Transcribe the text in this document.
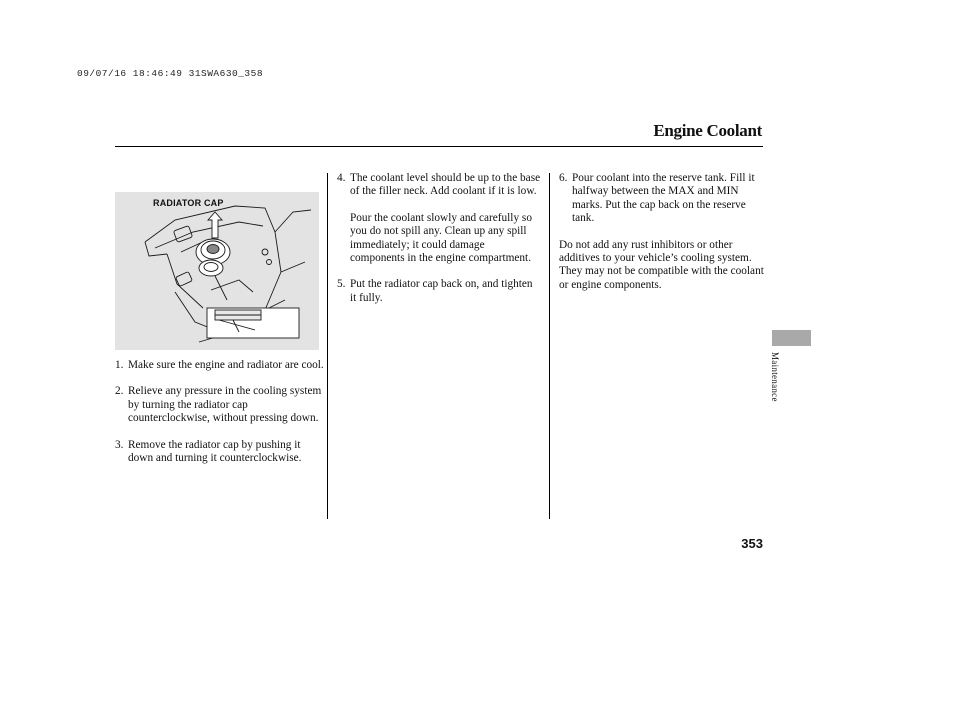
09/07/16 18:46:49 31SWA630_358
Engine Coolant
RADIATOR CAP
1. Make sure the engine and radiator are cool.
2. Relieve any pressure in the cooling system by turning the radiator cap counterclockwise, without pressing down.
3. Remove the radiator cap by pushing it down and turning it counterclockwise.
4. The coolant level should be up to the base of the filler neck. Add coolant if it is low.
Pour the coolant slowly and carefully so you do not spill any. Clean up any spill immediately; it could damage components in the engine compartment.
5. Put the radiator cap back on, and tighten it fully.
6. Pour coolant into the reserve tank. Fill it halfway between the MAX and MIN marks. Put the cap back on the reserve tank.
Do not add any rust inhibitors or other additives to your vehicle’s cooling system. They may not be compatible with the coolant or engine components.
Maintenance
353
